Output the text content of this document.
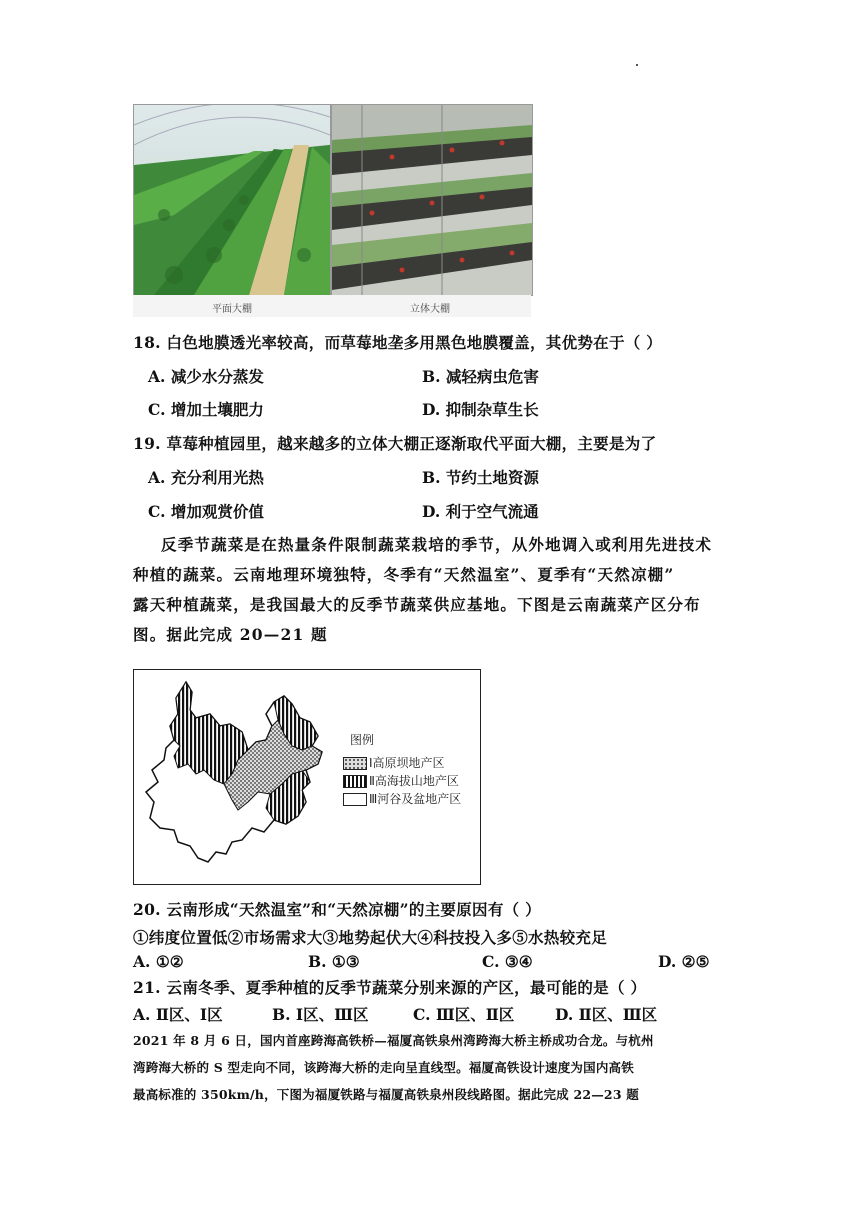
平面大棚	立体大棚
18. 白色地膜透光率较高，而草莓地垄多用黑色地膜覆盖，其优势在于（ ）
A. 减少水分蒸发	B. 减轻病虫危害
C. 增加土壤肥力	D. 抑制杂草生长
19. 草莓种植园里，越来越多的立体大棚正逐渐取代平面大棚，主要是为了
A. 充分利用光热	B. 节约土地资源
C. 增加观赏价值	D. 利于空气流通
反季节蔬菜是在热量条件限制蔬菜栽培的季节，从外地调入或利用先进技术
种植的蔬菜。云南地理环境独特，冬季有“天然温室”、夏季有“天然凉棚”
露天种植蔬菜，是我国最大的反季节蔬菜供应基地。下图是云南蔬菜产区分布
图。据此完成 20—21 题
图例
Ⅰ高原坝地产区
Ⅱ高海拔山地产区
Ⅲ河谷及盆地产区
20. 云南形成“天然温室”和“天然凉棚”的主要原因有（ ）
①纬度位置低②市场需求大③地势起伏大④科技投入多⑤水热较充足
A. ①②	B. ①③	C. ③④	D. ②⑤
21. 云南冬季、夏季种植的反季节蔬菜分别来源的产区，最可能的是（ ）
A. Ⅱ区、Ⅰ区	B. Ⅰ区、Ⅲ区	C. Ⅲ区、Ⅱ区	D. Ⅱ区、Ⅲ区
2021 年 8 月 6 日，国内首座跨海高铁桥—福厦高铁泉州湾跨海大桥主桥成功合龙。与杭州
湾跨海大桥的 S 型走向不同，该跨海大桥的走向呈直线型。福厦高铁设计速度为国内高铁
最高标准的 350km/h，下图为福厦铁路与福厦高铁泉州段线路图。据此完成 22—23 题
